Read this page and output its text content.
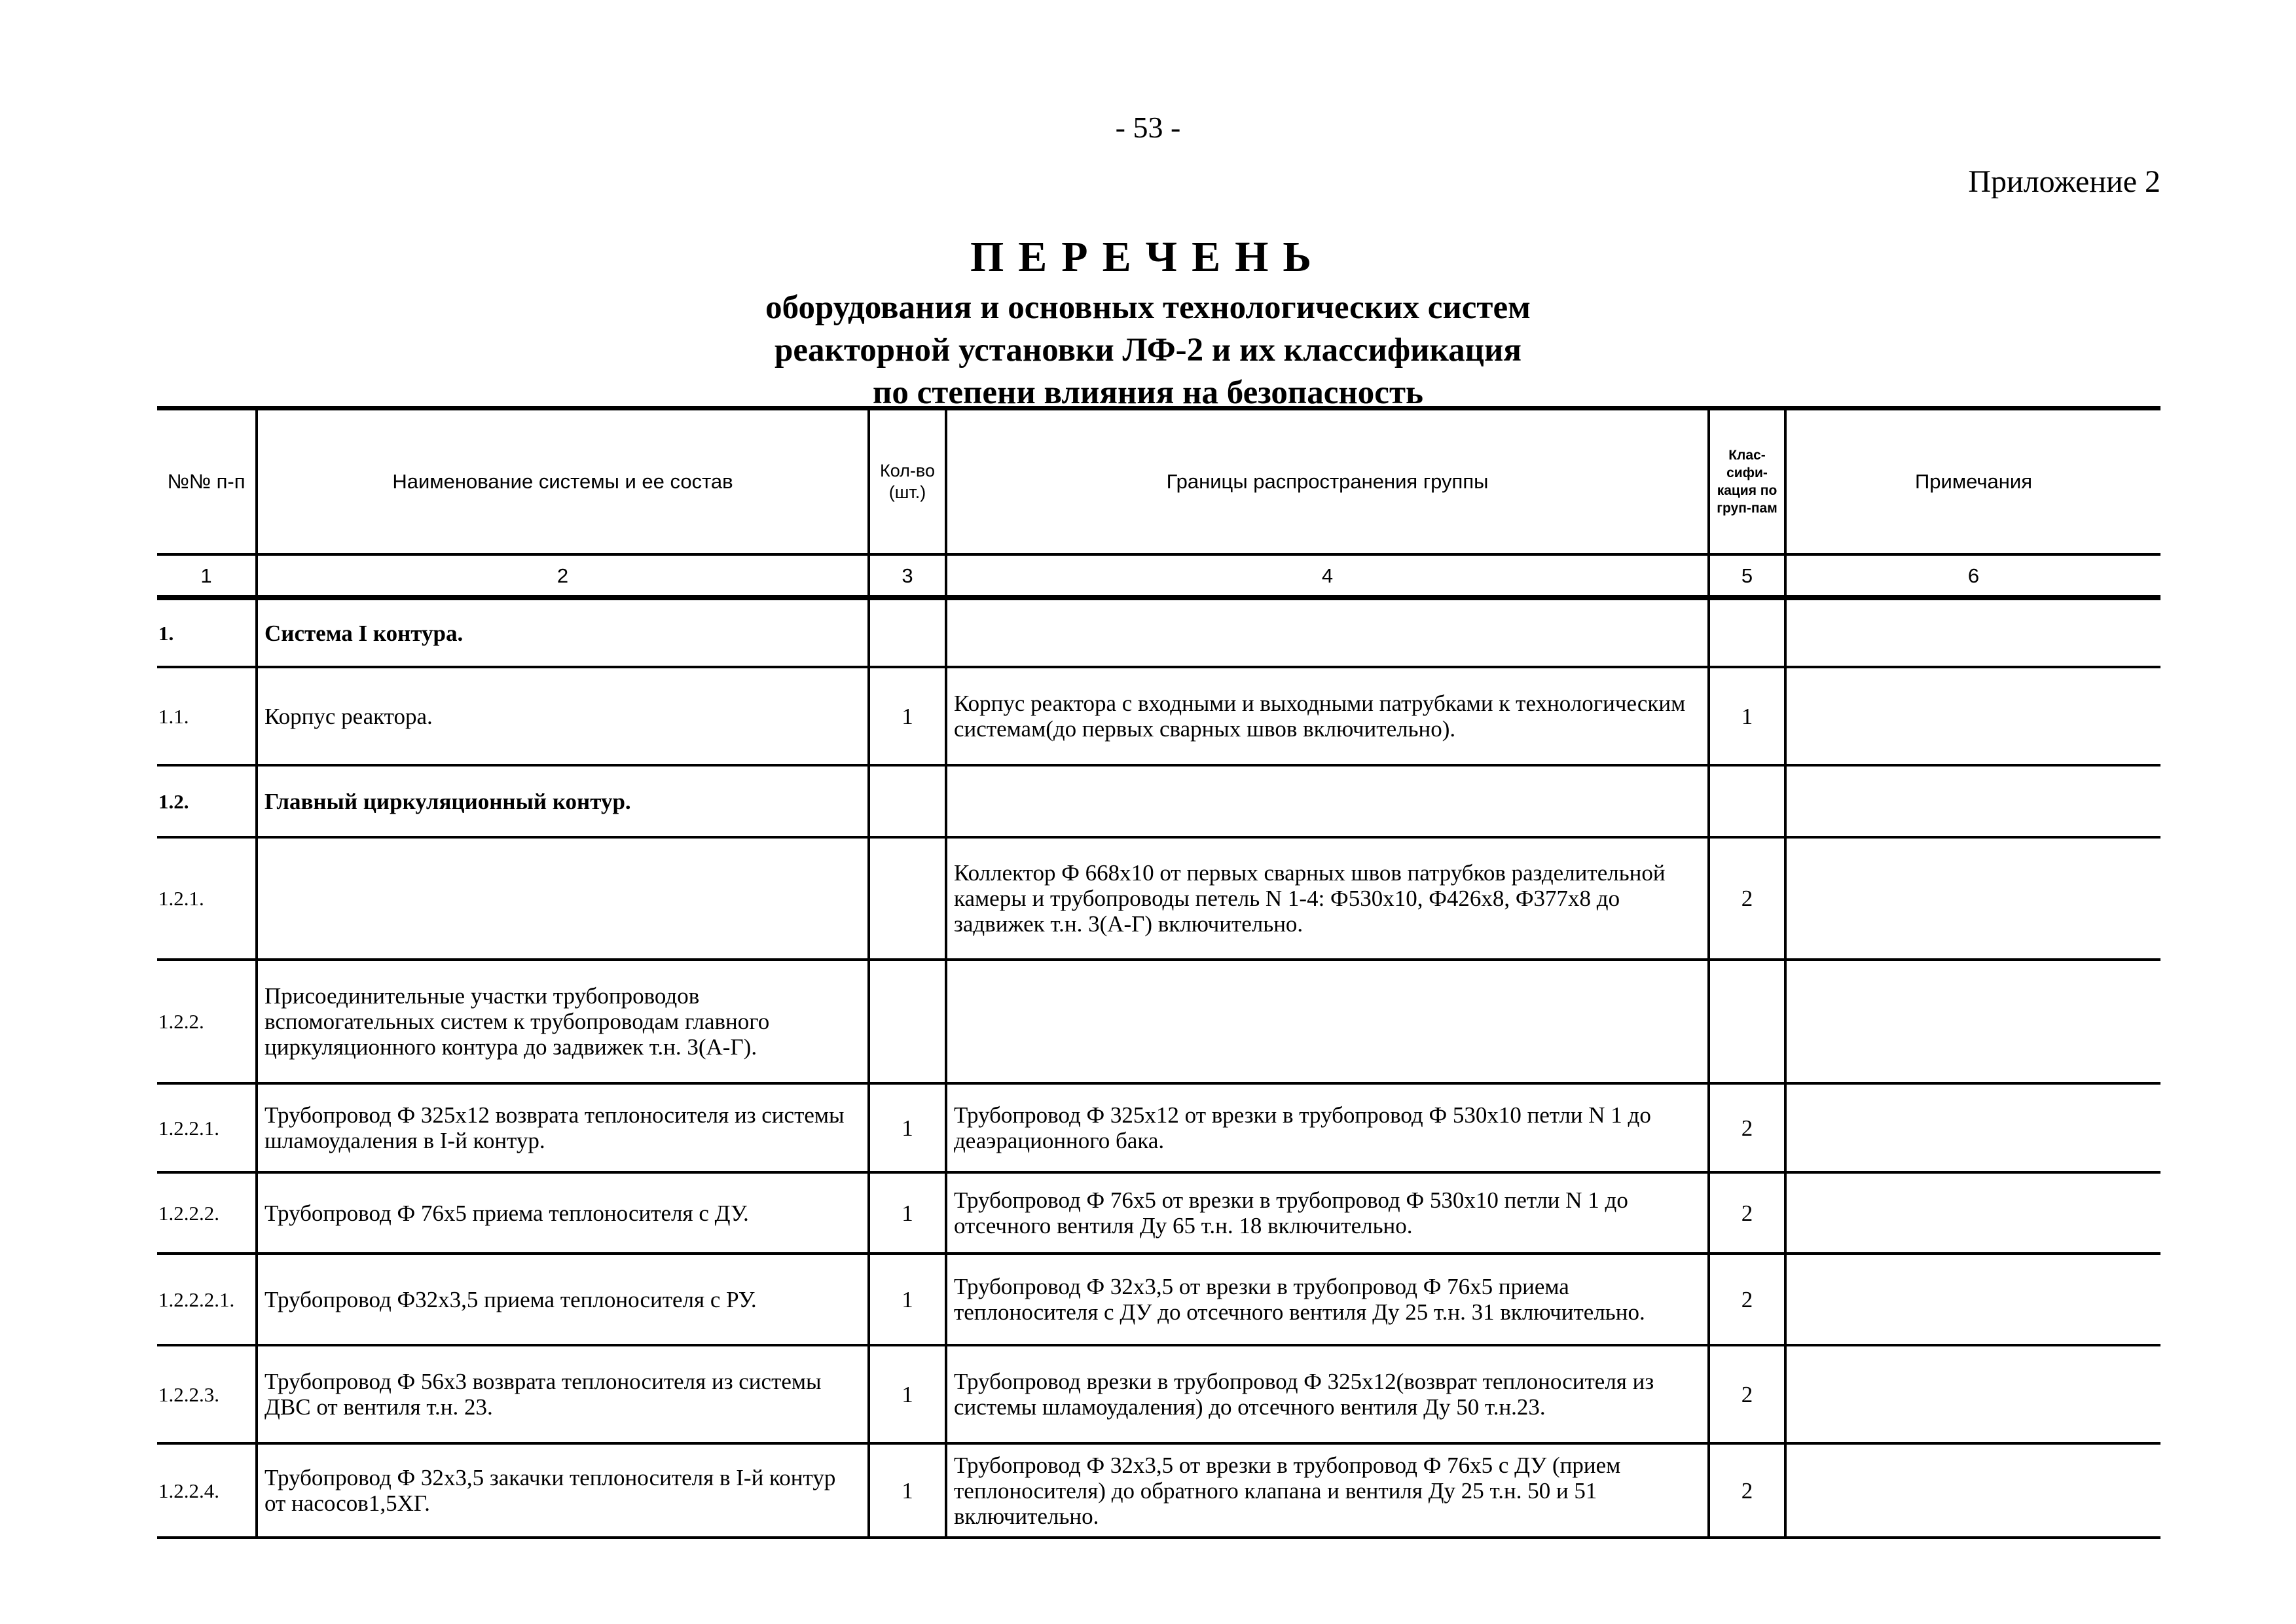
- 53 -
Приложение 2
ПЕРЕЧЕНЬ
оборудования и основных технологических систем
реакторной установки ЛФ-2 и их классификация
по степени влияния на безопасность
№№ п-п	Наименование системы и ее состав	Кол-во (шт.)	Границы распространения группы	Клас-сифи-кация по груп-пам	Примечания
1	2	3	4	5	6
1.	Система I контура.				
1.1.	Корпус реактора.	1	Корпус реактора с входными и выходными патрубками к технологическим системам(до первых сварных швов включительно).	1	
1.2.	Главный циркуляционный контур.				
1.2.1.			Коллектор Ф 668х10 от первых сварных швов патрубков разделительной камеры и трубопроводы петель N 1-4: Ф530х10, Ф426х8, Ф377х8 до задвижек т.н. 3(А-Г) включительно.	2	
1.2.2.	Присоединительные участки трубопроводов вспомогательных систем к трубопроводам главного циркуляционного контура до задвижек т.н. 3(А-Г).				
1.2.2.1.	Трубопровод Ф 325х12 возврата теплоносителя из системы шламоудаления в I-й контур.	1	Трубопровод Ф 325х12 от врезки в трубопровод Ф 530х10 петли N 1 до деаэрационного бака.	2	
1.2.2.2.	Трубопровод Ф 76х5 приема теплоносителя с ДУ.	1	Трубопровод Ф 76х5 от врезки в трубопровод Ф 530х10 петли N 1 до отсечного вентиля Ду 65 т.н. 18 включительно.	2	
1.2.2.2.1.	Трубопровод Ф32х3,5 приема теплоносителя с РУ.	1	Трубопровод Ф 32х3,5 от врезки в трубопровод Ф 76х5 приема теплоносителя с ДУ до отсечного вентиля Ду 25 т.н. 31 включительно.	2	
1.2.2.3.	Трубопровод Ф 56х3 возврата теплоносителя из системы ДВС от вентиля т.н. 23.	1	Трубопровод врезки в трубопровод Ф 325х12(возврат теплоносителя из системы шламоудаления) до отсечного вентиля Ду 50 т.н.23.	2	
1.2.2.4.	Трубопровод Ф 32х3,5 закачки теплоносителя в I-й контур от насосов1,5ХГ.	1	Трубопровод Ф 32х3,5 от врезки в трубопровод Ф 76х5 с ДУ (прием теплоносителя) до обратного клапана и вентиля Ду 25 т.н. 50 и 51 включительно.	2	
